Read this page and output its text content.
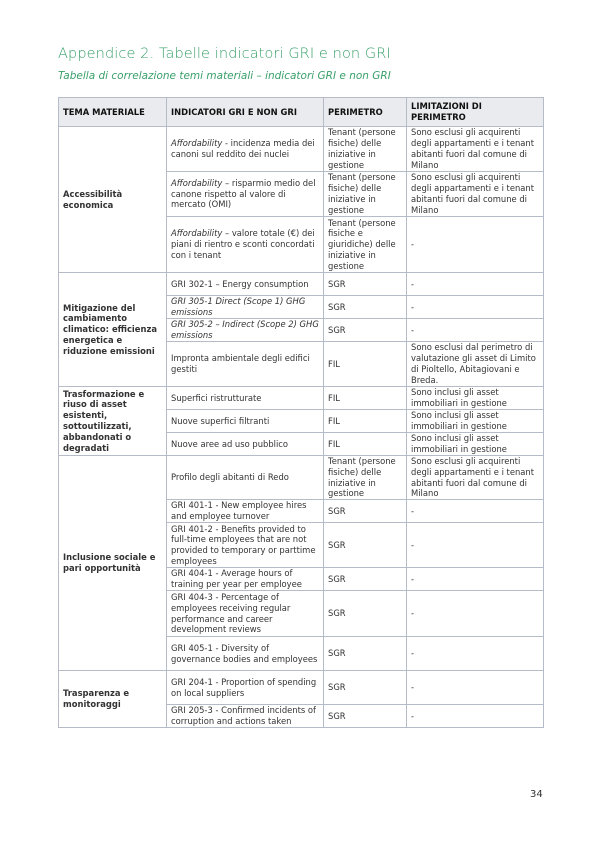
Appendice 2. Tabelle indicatori GRI e non GRI
Tabella di correlazione temi materiali – indicatori GRI e non GRI
TEMA MATERIALE	INDICATORI GRI E NON GRI	PERIMETRO	LIMITAZIONI DI PERIMETRO
Accessibilità economica	Affordability - incidenza media dei canoni sul reddito dei nuclei	Tenant (persone fisiche) delle iniziative in gestione	Sono esclusi gli acquirenti degli appartamenti e i tenant abitanti fuori dal comune di Milano
	Affordability – risparmio medio del canone rispetto al valore di mercato (OMI)	Tenant (persone fisiche) delle iniziative in gestione	Sono esclusi gli acquirenti degli appartamenti e i tenant abitanti fuori dal comune di Milano
	Affordability – valore totale (€) dei piani di rientro e sconti concordati con i tenant	Tenant (persone fisiche e giuridiche) delle iniziative in gestione	-
Mitigazione del cambiamento climatico: efficienza energetica e riduzione emissioni	GRI 302-1 – Energy consumption	SGR	-
	GRI 305-1 Direct (Scope 1) GHG emissions	SGR	-
	GRI 305-2 – Indirect (Scope 2) GHG emissions	SGR	-
	Impronta ambientale degli edifici gestiti	FIL	Sono esclusi dal perimetro di valutazione gli asset di Limito di Pioltello, Abitagiovani e Breda.
Trasformazione e riuso di asset esistenti, sottoutilizzati, abbandonati o degradati	Superfici ristrutturate	FIL	Sono inclusi gli asset immobiliari in gestione
	Nuove superfici filtranti	FIL	Sono inclusi gli asset immobiliari in gestione
	Nuove aree ad uso pubblico	FIL	Sono inclusi gli asset immobiliari in gestione
Inclusione sociale e pari opportunità	Profilo degli abitanti di Redo	Tenant (persone fisiche) delle iniziative in gestione	Sono esclusi gli acquirenti degli appartamenti e i tenant abitanti fuori dal comune di Milano
	GRI 401-1 - New employee hires and employee turnover	SGR	-
	GRI 401-2 - Benefits provided to full-time employees that are not provided to temporary or parttime employees	SGR	-
	GRI 404-1 - Average hours of training per year per employee	SGR	-
	GRI 404-3 - Percentage of employees receiving regular performance and career development reviews	SGR	-
	GRI 405-1 - Diversity of governance bodies and employees	SGR	-
Trasparenza e monitoraggi	GRI 204-1 - Proportion of spending on local suppliers	SGR	-
	GRI 205-3 - Confirmed incidents of corruption and actions taken	SGR	-
34
